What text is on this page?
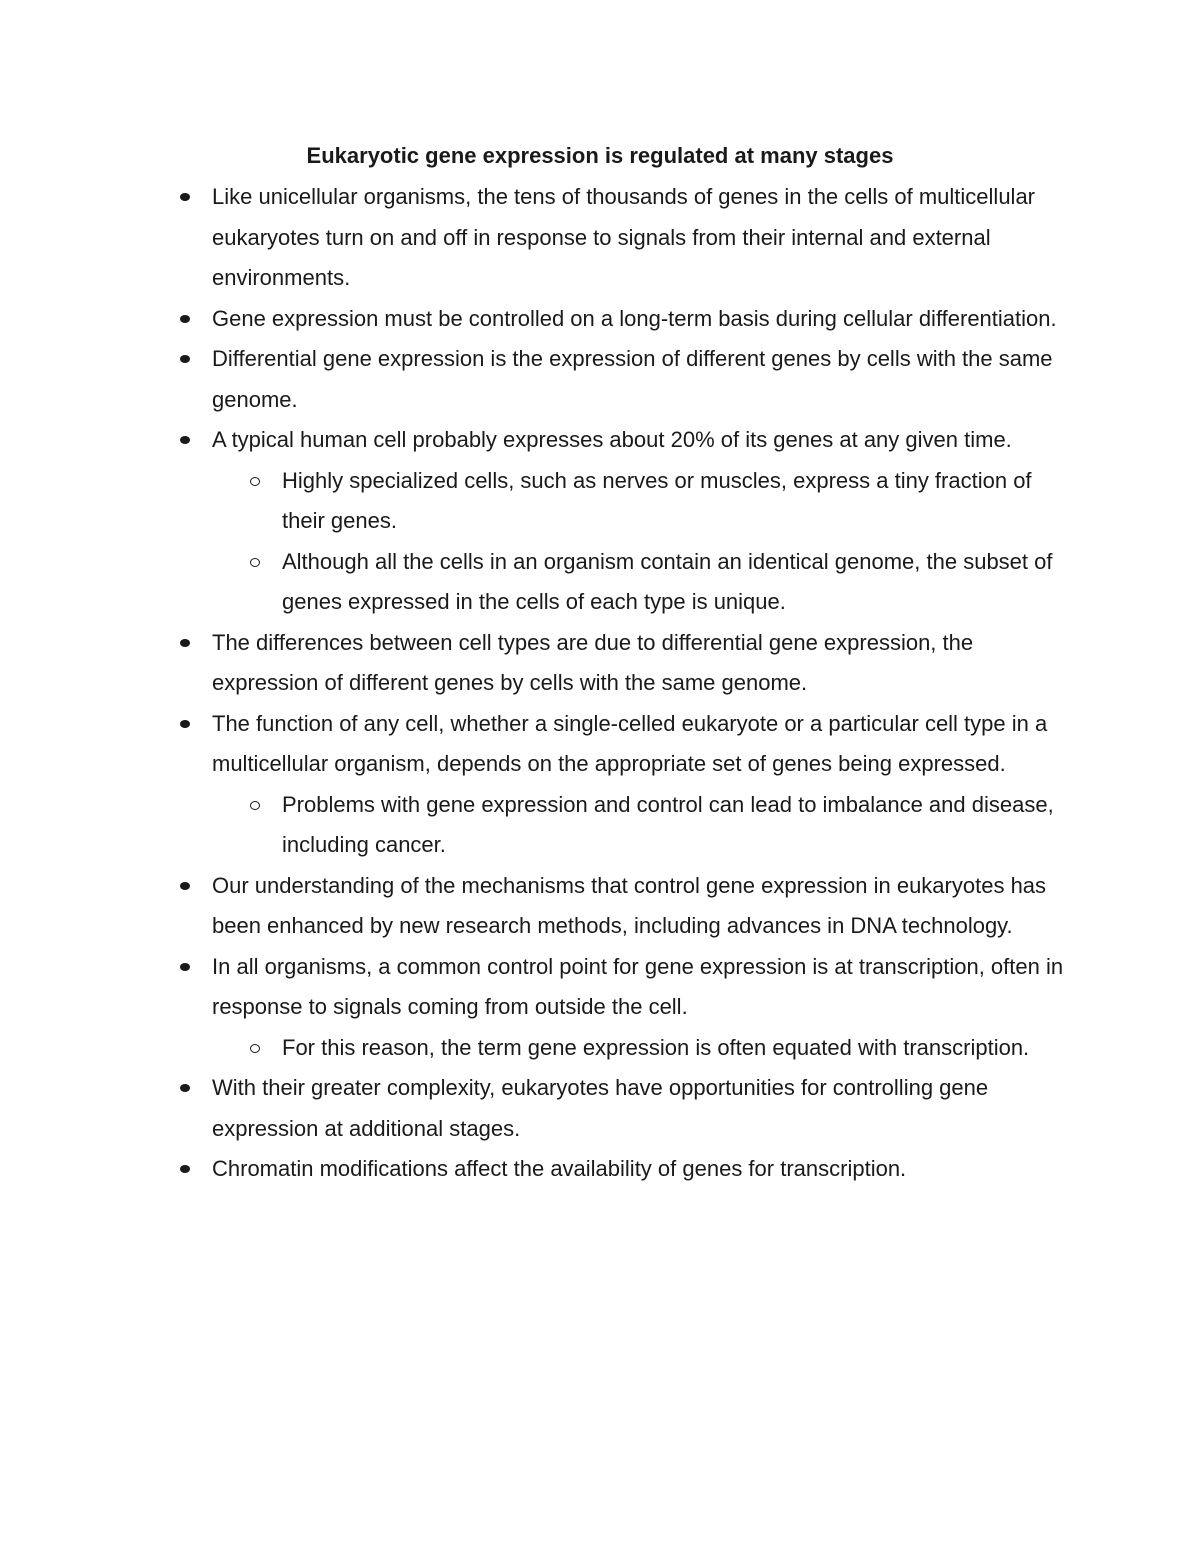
Eukaryotic gene expression is regulated at many stages
Like unicellular organisms, the tens of thousands of genes in the cells of multicellular eukaryotes turn on and off in response to signals from their internal and external environments.
Gene expression must be controlled on a long-term basis during cellular differentiation.
Differential gene expression is the expression of different genes by cells with the same genome.
A typical human cell probably expresses about 20% of its genes at any given time.
Highly specialized cells, such as nerves or muscles, express a tiny fraction of their genes.
Although all the cells in an organism contain an identical genome, the subset of genes expressed in the cells of each type is unique.
The differences between cell types are due to differential gene expression, the expression of different genes by cells with the same genome.
The function of any cell, whether a single-celled eukaryote or a particular cell type in a multicellular organism, depends on the appropriate set of genes being expressed.
Problems with gene expression and control can lead to imbalance and disease, including cancer.
Our understanding of the mechanisms that control gene expression in eukaryotes has been enhanced by new research methods, including advances in DNA technology.
In all organisms, a common control point for gene expression is at transcription, often in response to signals coming from outside the cell.
For this reason, the term gene expression is often equated with transcription.
With their greater complexity, eukaryotes have opportunities for controlling gene expression at additional stages.
Chromatin modifications affect the availability of genes for transcription.
